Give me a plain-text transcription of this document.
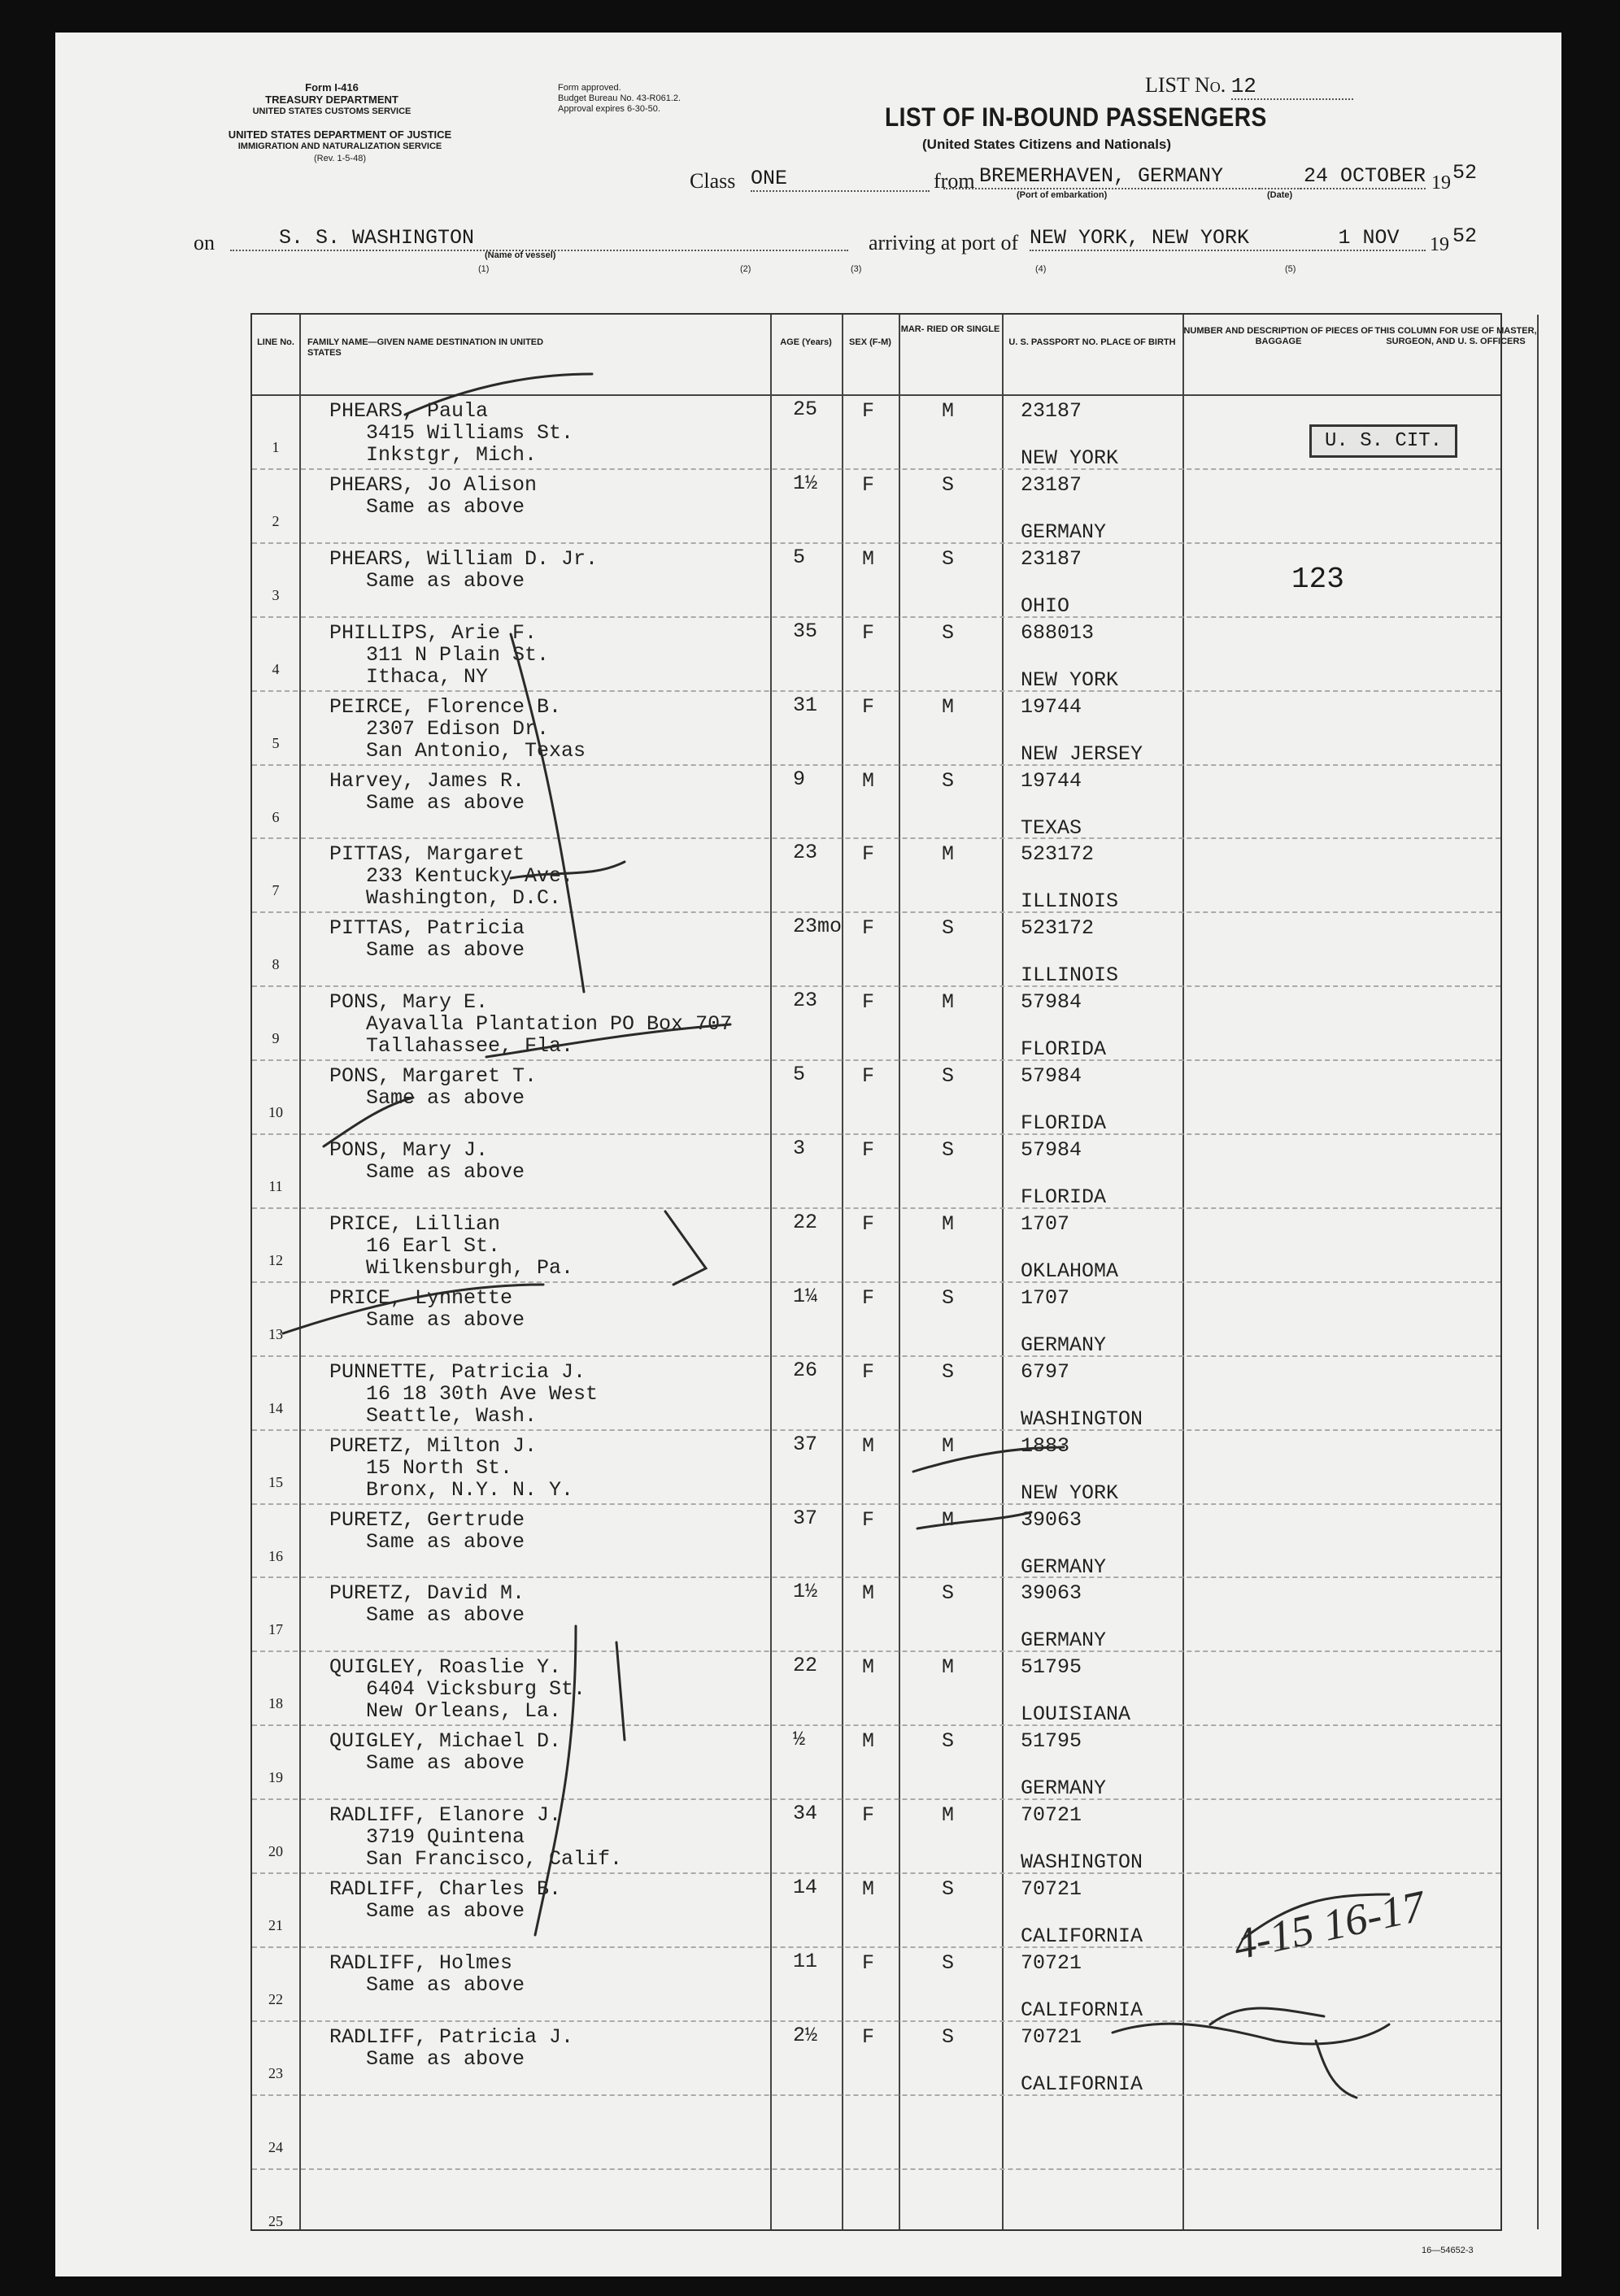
Form I-416
TREASURY DEPARTMENT
UNITED STATES CUSTOMS SERVICE
UNITED STATES DEPARTMENT OF JUSTICE
IMMIGRATION AND NATURALIZATION SERVICE
(Rev. 1-5-48)
Form approved.
Budget Bureau No. 43-R061.2.
Approval expires 6-30-50.
LIST No. 12
LIST OF IN-BOUND PASSENGERS
(United States Citizens and Nationals)
Class ONE	from BREMERHAVEN, GERMANY	24 OCTOBER 19 52
(Port of embarkation)	(Date)
on	S. S. WASHINGTON	arriving at port of NEW YORK, NEW YORK	1 NOV	19 52
(Name of vessel)
(1)	(2)	(3)	(4)	(5)
LINE No.	FAMILY NAME—GIVEN NAME DESTINATION IN UNITED STATES
AGE (Years)	SEX (F-M)
MAR- RIED OR SINGLE
U. S. PASSPORT NO. PLACE OF BIRTH
NUMBER AND DESCRIPTION OF PIECES OF BAGGAGE
THIS COLUMN FOR USE OF MASTER, SURGEON, AND U. S. OFFICERS
1
PHEARS, Paula
3415 Williams St.
Inkstgr, Mich.
25 F	M	23187
NEW YORK
2
PHEARS, Jo Alison
Same as above
1½ F	S	23187
GERMANY
3
PHEARS, William D. Jr.
Same as above
5	M	S	23187
OHIO
4
PHILLIPS, Arie F.
311 N Plain St.
Ithaca, NY
35 F	S	688013
NEW YORK
5
PEIRCE, Florence B.
2307 Edison Dr.
San Antonio, Texas
31 F	M	19744
NEW JERSEY
6
Harvey, James R.
Same as above
9	M	S	19744
TEXAS
7
PITTAS, Margaret
233 Kentucky Ave.
Washington, D.C.
23 F	M	523172
ILLINOIS
8
PITTAS, Patricia
Same as above
23mo F	S	523172
ILLINOIS
9
PONS, Mary E.
Ayavalla Plantation PO Box 707
Tallahassee, Fla.
23 F	M	57984
FLORIDA
10
PONS, Margaret T.
Same as above
5	F	S	57984
FLORIDA
11
PONS, Mary J.
Same as above
3	F	S	57984
FLORIDA
12
PRICE, Lillian
16 Earl St.
Wilkensburgh, Pa.
22 F	M	1707
OKLAHOMA
13
PRICE, Lynnette
Same as above
1¼ F	S	1707
GERMANY
14
PUNNETTE, Patricia J.
16 18 30th Ave West
Seattle, Wash.
26 F	S	6797
WASHINGTON
15
PURETZ, Milton J.
15 North St.
Bronx, N.Y. N. Y.
37 M	M	1883
NEW YORK
16
PURETZ, Gertrude
Same as above
37 F	M	39063
GERMANY
17
PURETZ, David M.
Same as above
1½ M	S	39063
GERMANY
18
QUIGLEY, Roaslie Y.
6404 Vicksburg St.
New Orleans, La.
22 M	M	51795
LOUISIANA
19
QUIGLEY, Michael D.
Same as above
½	M	S	51795
GERMANY
20
RADLIFF, Elanore J.
3719 Quintena
San Francisco, Calif.
34 F	M	70721
WASHINGTON
21
RADLIFF, Charles B.
Same as above
14 M	S	70721
CALIFORNIA
22
RADLIFF, Holmes
Same as above
11 F	S	70721
CALIFORNIA
23
RADLIFF, Patricia J.
Same as above
2½ F	S	70721
CALIFORNIA
24
25
U. S. CIT.
123
4-15 16-17
16—54652-3
